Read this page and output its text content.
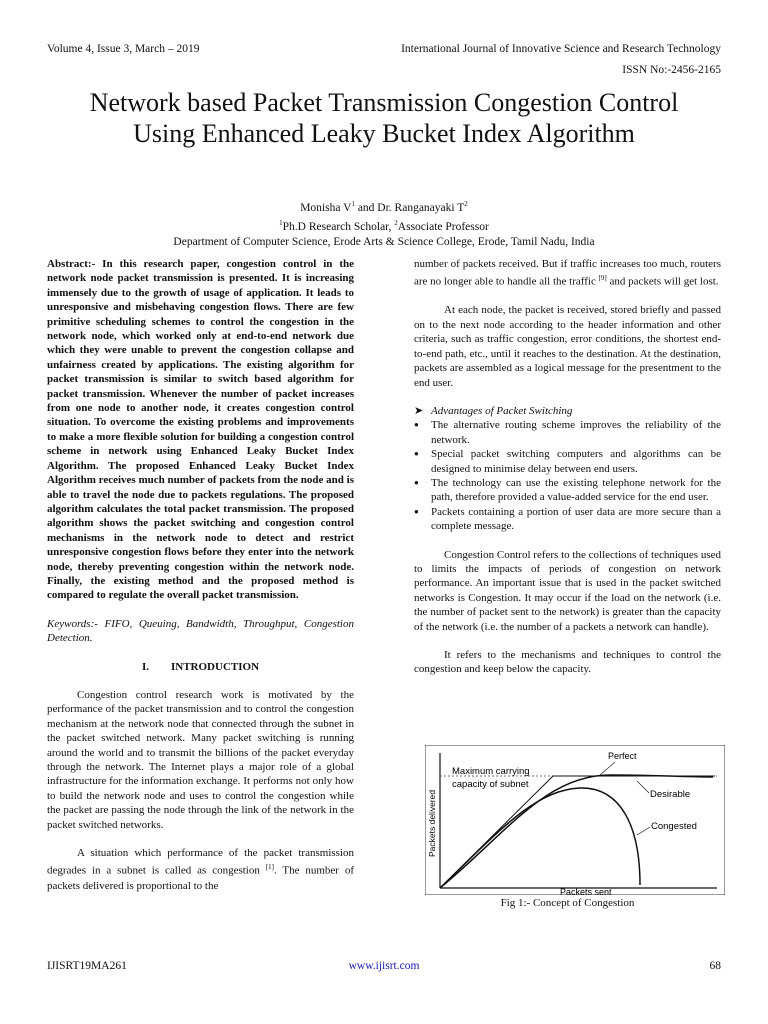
Volume 4, Issue 3, March – 2019	International Journal of Innovative Science and Research Technology
ISSN No:-2456-2165
Network based Packet Transmission Congestion Control Using Enhanced Leaky Bucket Index Algorithm
Monisha $V^1$ and Dr. Ranganayaki $T^2$
$^1$Ph.D Research Scholar, $^2$Associate Professor
Department of Computer Science, Erode Arts & Science College, Erode, Tamil Nadu, India

Abstract:- In this research paper, congestion control in the network node packet transmission is presented. It is increasing immensely due to the growth of usage of application. It leads to unresponsive and misbehaving congestion flows. There are few primitive scheduling schemes to control the congestion in the network node, which worked only at end-to-end network due which they were unable to prevent the congestion collapse and unfairness created by applications. The existing algorithm for packet transmission is similar to switch based algorithm for packet transmission. Whenever the number of packet increases from one node to another node, it creates congestion control situation. To overcome the existing problems and improvements to make a more flexible solution for building a congestion control scheme in network using Enhanced Leaky Bucket Index Algorithm. The proposed Enhanced Leaky Bucket Index Algorithm receives much number of packets from the node and is able to travel the node due to packets regulations. The proposed algorithm calculates the total packet transmission. The proposed algorithm shows the packet switching and congestion control mechanisms in the network node to detect and restrict unresponsive congestion flows before they enter into the network node, thereby preventing congestion within the network node. Finally, the existing method and the proposed method is compared to regulate the overall packet transmission.

Keywords:- FIFO, Queuing, Bandwidth, Throughput, Congestion Detection.

I.        INTRODUCTION

Congestion control research work is motivated by the performance of the packet transmission and to control the congestion mechanism at the network node that connected through the subnet in the packet switched network. Many packet switching is running around the world and to transmit the billions of the packet everyday through the network. The Internet plays a major role of a global infrastructure for the information exchange. It performs not only how to build the network node and uses to control the congestion while the packet are passing the node through the link of the network in the packet switched networks.

A situation which performance of the packet transmission degrades in a subnet is called as congestion [1]. The number of packets delivered is proportional to the

number of packets received. But if traffic increases too much, routers are no longer able to handle all the traffic [9] and packets will get lost.

At each node, the packet is received, stored briefly and passed on to the next node according to the header information and other criteria, such as traffic congestion, error conditions, the shortest end-to-end path, etc., until it reaches to the destination. At the destination, packets are assembled as a logical message for the presentment to the end user.

➤ Advantages of Packet Switching

● The alternative routing scheme improves the reliability of the network.
● Special packet switching computers and algorithms can be designed to minimise delay between end users.
● The technology can use the existing telephone network for the path, therefore provided a value-added service for the end user.
● Packets containing a portion of user data are more secure than a complete message.

Congestion Control refers to the collections of techniques used to limits the impacts of periods of congestion on network performance. An important issue that is used in the packet switched networks is Congestion. It may occur if the load on the network (i.e. the number of packet sent to the network) is greater than the capacity of the network (i.e. the number of a packets a network can handle).

It refers to the mechanisms and techniques to control the congestion and keep below the capacity.

Perfect
Maximum carrying
capacity of subnet
Desirable
Congested
Packets sent
Packets delivered
Fig 1:- Concept of Congestion
IJISRT19MA261	www.ijisrt.com	68
